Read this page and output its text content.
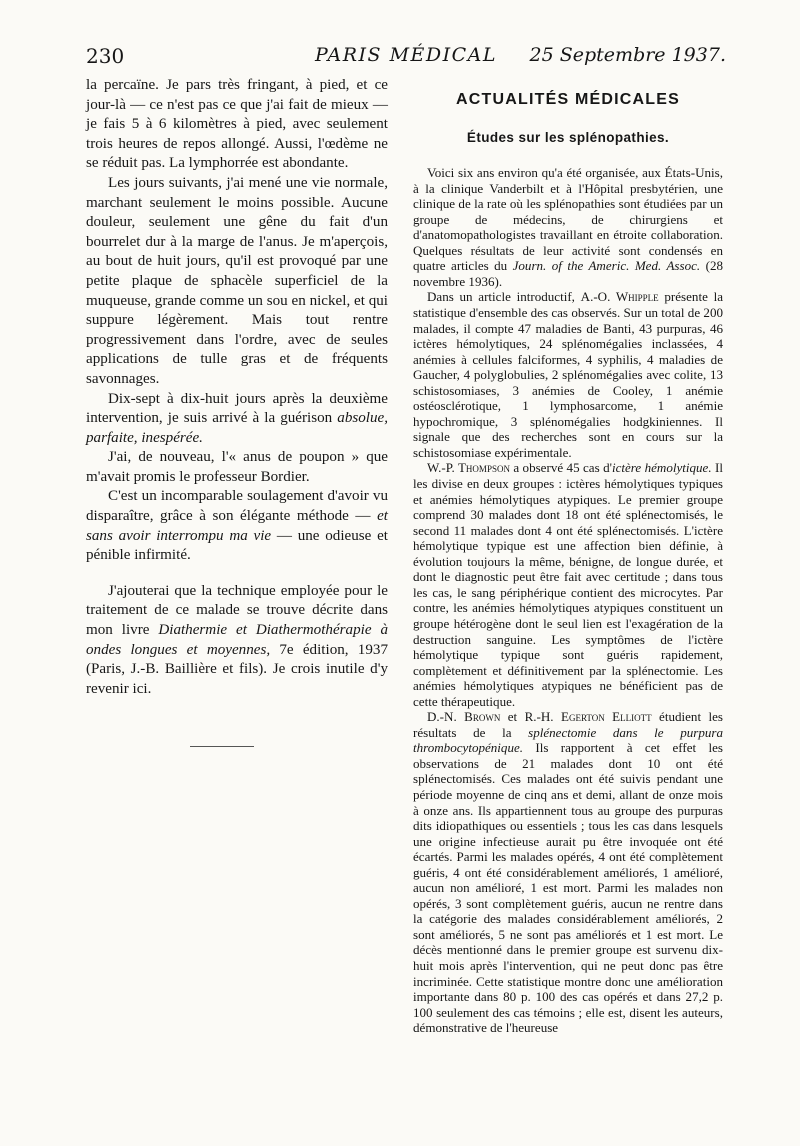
230	PARIS MÉDICAL	25 Septembre 1937.

la percaïne. Je pars très fringant, à pied, et ce jour-là — ce n'est pas ce que j'ai fait de mieux — je fais 5 à 6 kilomètres à pied, avec seulement trois heures de repos allongé. Aussi, l'œdème ne se réduit pas. La lymphorrée est abondante.

Les jours suivants, j'ai mené une vie normale, marchant seulement le moins possible. Aucune douleur, seulement une gêne du fait d'un bourrelet dur à la marge de l'anus. Je m'aperçois, au bout de huit jours, qu'il est provoqué par une petite plaque de sphacèle superficiel de la muqueuse, grande comme un sou en nickel, et qui suppure légèrement. Mais tout rentre progressivement dans l'ordre, avec de seules applications de tulle gras et de fréquents savonnages.

Dix-sept à dix-huit jours après la deuxième intervention, je suis arrivé à la guérison absolue, parfaite, inespérée.

J'ai, de nouveau, l'« anus de poupon » que m'avait promis le professeur Bordier.

C'est un incomparable soulagement d'avoir vu disparaître, grâce à son élégante méthode — et sans avoir interrompu ma vie — une odieuse et pénible infirmité.

J'ajouterai que la technique employée pour le traitement de ce malade se trouve décrite dans mon livre Diathermie et Diathermothérapie à ondes longues et moyennes, 7e édition, 1937 (Paris, J.-B. Baillière et fils). Je crois inutile d'y revenir ici.

ACTUALITÉS MÉDICALES
Études sur les splénopathies.

Voici six ans environ qu'a été organisée, aux États-Unis, à la clinique Vanderbilt et à l'Hôpital presbytérien, une clinique de la rate où les splénopathies sont étudiées par un groupe de médecins, de chirurgiens et d'anatomopathologistes travaillant en étroite collaboration. Quelques résultats de leur activité sont condensés en quatre articles du Journ. of the Americ. Med. Assoc. (28 novembre 1936).

Dans un article introductif, A.-O. Whipple présente la statistique d'ensemble des cas observés. Sur un total de 200 malades, il compte 47 maladies de Banti, 43 purpuras, 46 ictères hémolytiques, 24 splénomégalies inclassées, 4 anémies à cellules falciformes, 4 syphilis, 4 maladies de Gaucher, 4 polyglobulies, 2 splénomégalies avec colite, 13 schistosomiases, 3 anémies de Cooley, 1 anémie ostéosclérotique, 1 lymphosarcome, 1 anémie hypochromique, 3 splénomégalies hodgkiniennes. Il signale que des recherches sont en cours sur la schistosomiase expérimentale.

W.-P. Thompson a observé 45 cas d'ictère hémolytique. Il les divise en deux groupes : ictères hémolytiques typiques et anémies hémolytiques atypiques. Le premier groupe comprend 30 malades dont 18 ont été splénectomisés, le second 11 malades dont 4 ont été splénectomisés. L'ictère hémolytique typique est une affection bien définie, à évolution toujours la même, bénigne, de longue durée, et dont le diagnostic peut être fait avec certitude ; dans tous les cas, le sang périphérique contient des microcytes. Par contre, les anémies hémolytiques atypiques constituent un groupe hétérogène dont le seul lien est l'exagération de la destruction sanguine. Les symptômes de l'ictère hémolytique typique sont guéris rapidement, complètement et définitivement par la splénectomie. Les anémies hémolytiques atypiques ne bénéficient pas de cette thérapeutique.

D.-N. Brown et R.-H. Egerton Elliott étudient les résultats de la splénectomie dans le purpura thrombocytopénique. Ils rapportent à cet effet les observations de 21 malades dont 10 ont été splénectomisés. Ces malades ont été suivis pendant une période moyenne de cinq ans et demi, allant de onze mois à onze ans. Ils appartiennent tous au groupe des purpuras dits idiopathiques ou essentiels ; tous les cas dans lesquels une origine infectieuse aurait pu être invoquée ont été écartés. Parmi les malades opérés, 4 ont été complètement guéris, 4 ont été considérablement améliorés, 1 amélioré, aucun non amélioré, 1 est mort. Parmi les malades non opérés, 3 sont complètement guéris, aucun ne rentre dans la catégorie des malades considérablement améliorés, 2 sont améliorés, 5 ne sont pas améliorés et 1 est mort. Le décès mentionné dans le premier groupe est survenu dix-huit mois après l'intervention, qui ne peut donc pas être incriminée. Cette statistique montre donc une amélioration importante dans 80 p. 100 des cas opérés et dans 27,2 p. 100 seulement des cas témoins ; elle est, disent les auteurs, démonstrative de l'heureuse
